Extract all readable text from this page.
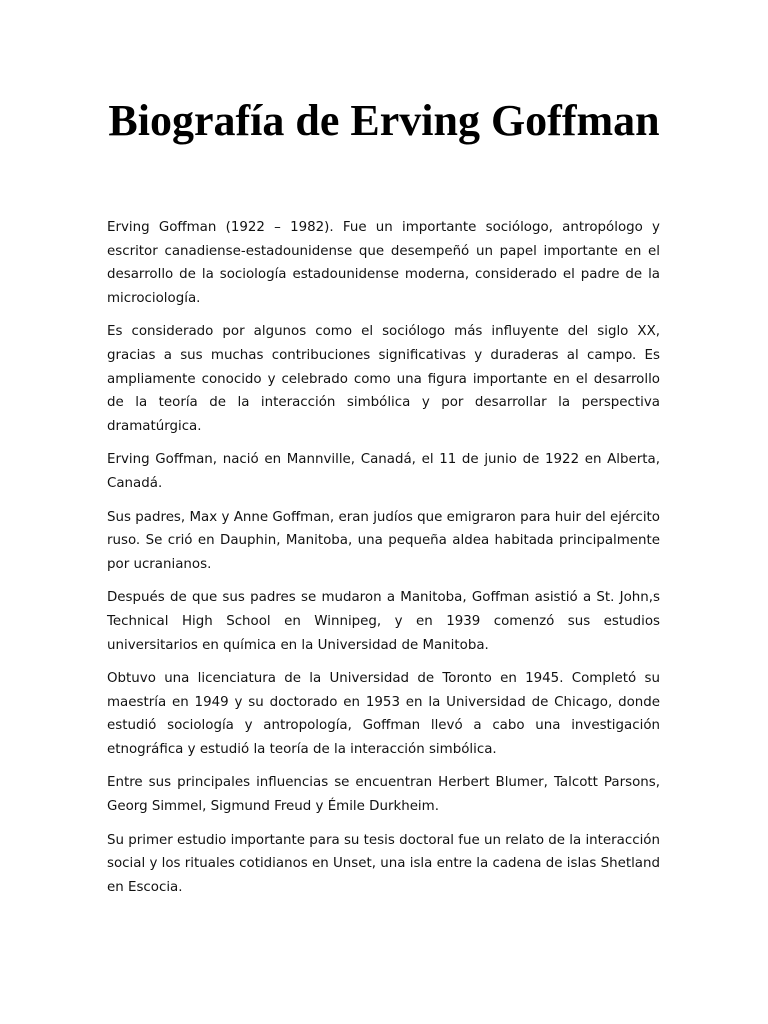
Biografía de Erving Goffman

Erving Goffman (1922 – 1982). Fue un importante sociólogo, antropólogo y escritor canadiense-estadounidense que desempeñó un papel importante en el desarrollo de la sociología estadounidense moderna, considerado el padre de la microciología.

Es considerado por algunos como el sociólogo más influyente del siglo XX, gracias a sus muchas contribuciones significativas y duraderas al campo. Es ampliamente conocido y celebrado como una figura importante en el desarrollo de la teoría de la interacción simbólica y por desarrollar la perspectiva dramatúrgica.

Erving Goffman, nació en Mannville, Canadá, el 11 de junio de 1922 en Alberta, Canadá.

Sus padres, Max y Anne Goffman, eran judíos que emigraron para huir del ejército ruso. Se crió en Dauphin, Manitoba, una pequeña aldea habitada principalmente por ucranianos.

Después de que sus padres se mudaron a Manitoba, Goffman asistió a St. John,s Technical High School en Winnipeg, y en 1939 comenzó sus estudios universitarios en química en la Universidad de Manitoba.

Obtuvo una licenciatura de la Universidad de Toronto en 1945. Completó su maestría en 1949 y su doctorado en 1953 en la Universidad de Chicago, donde estudió sociología y antropología, Goffman llevó a cabo una investigación etnográfica y estudió la teoría de la interacción simbólica.

Entre sus principales influencias se encuentran Herbert Blumer, Talcott Parsons, Georg Simmel, Sigmund Freud y Émile Durkheim.

Su primer estudio importante para su tesis doctoral fue un relato de la interacción social y los rituales cotidianos en Unset, una isla entre la cadena de islas Shetland en Escocia.
